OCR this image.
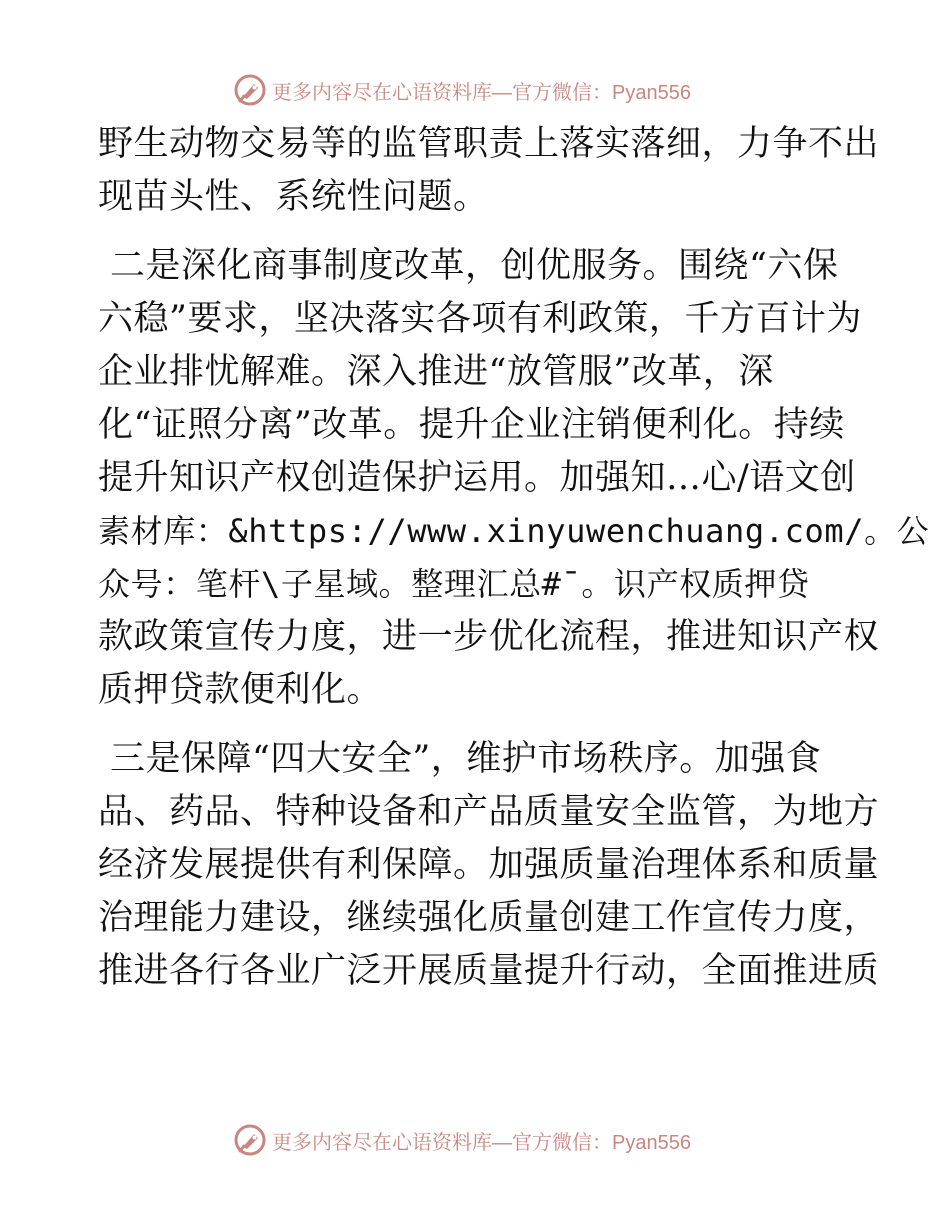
更多内容尽在心语资料库—官方微信：Pyan556
野生动物交易等的监管职责上落实落细，力争不出
现苗头性、系统性问题。
二是深化商事制度改革，创优服务。围绕“六保
六稳”要求，坚决落实各项有利政策，千方百计为
企业排忧解难。深入推进“放管服”改革，深
化“证照分离”改革。提升企业注销便利化。持续
提升知识产权创造保护运用。加强知…心/语文创
素材库：&https://www.xinyuwenchuang.com/。公
众号：笔杆\子星域。整理汇总#¯。识产权质押贷
款政策宣传力度，进一步优化流程，推进知识产权
质押贷款便利化。
三是保障“四大安全”，维护市场秩序。加强食
品、药品、特种设备和产品质量安全监管，为地方
经济发展提供有利保障。加强质量治理体系和质量
治理能力建设，继续强化质量创建工作宣传力度，
推进各行各业广泛开展质量提升行动，全面推进质
更多内容尽在心语资料库—官方微信：Pyan556
